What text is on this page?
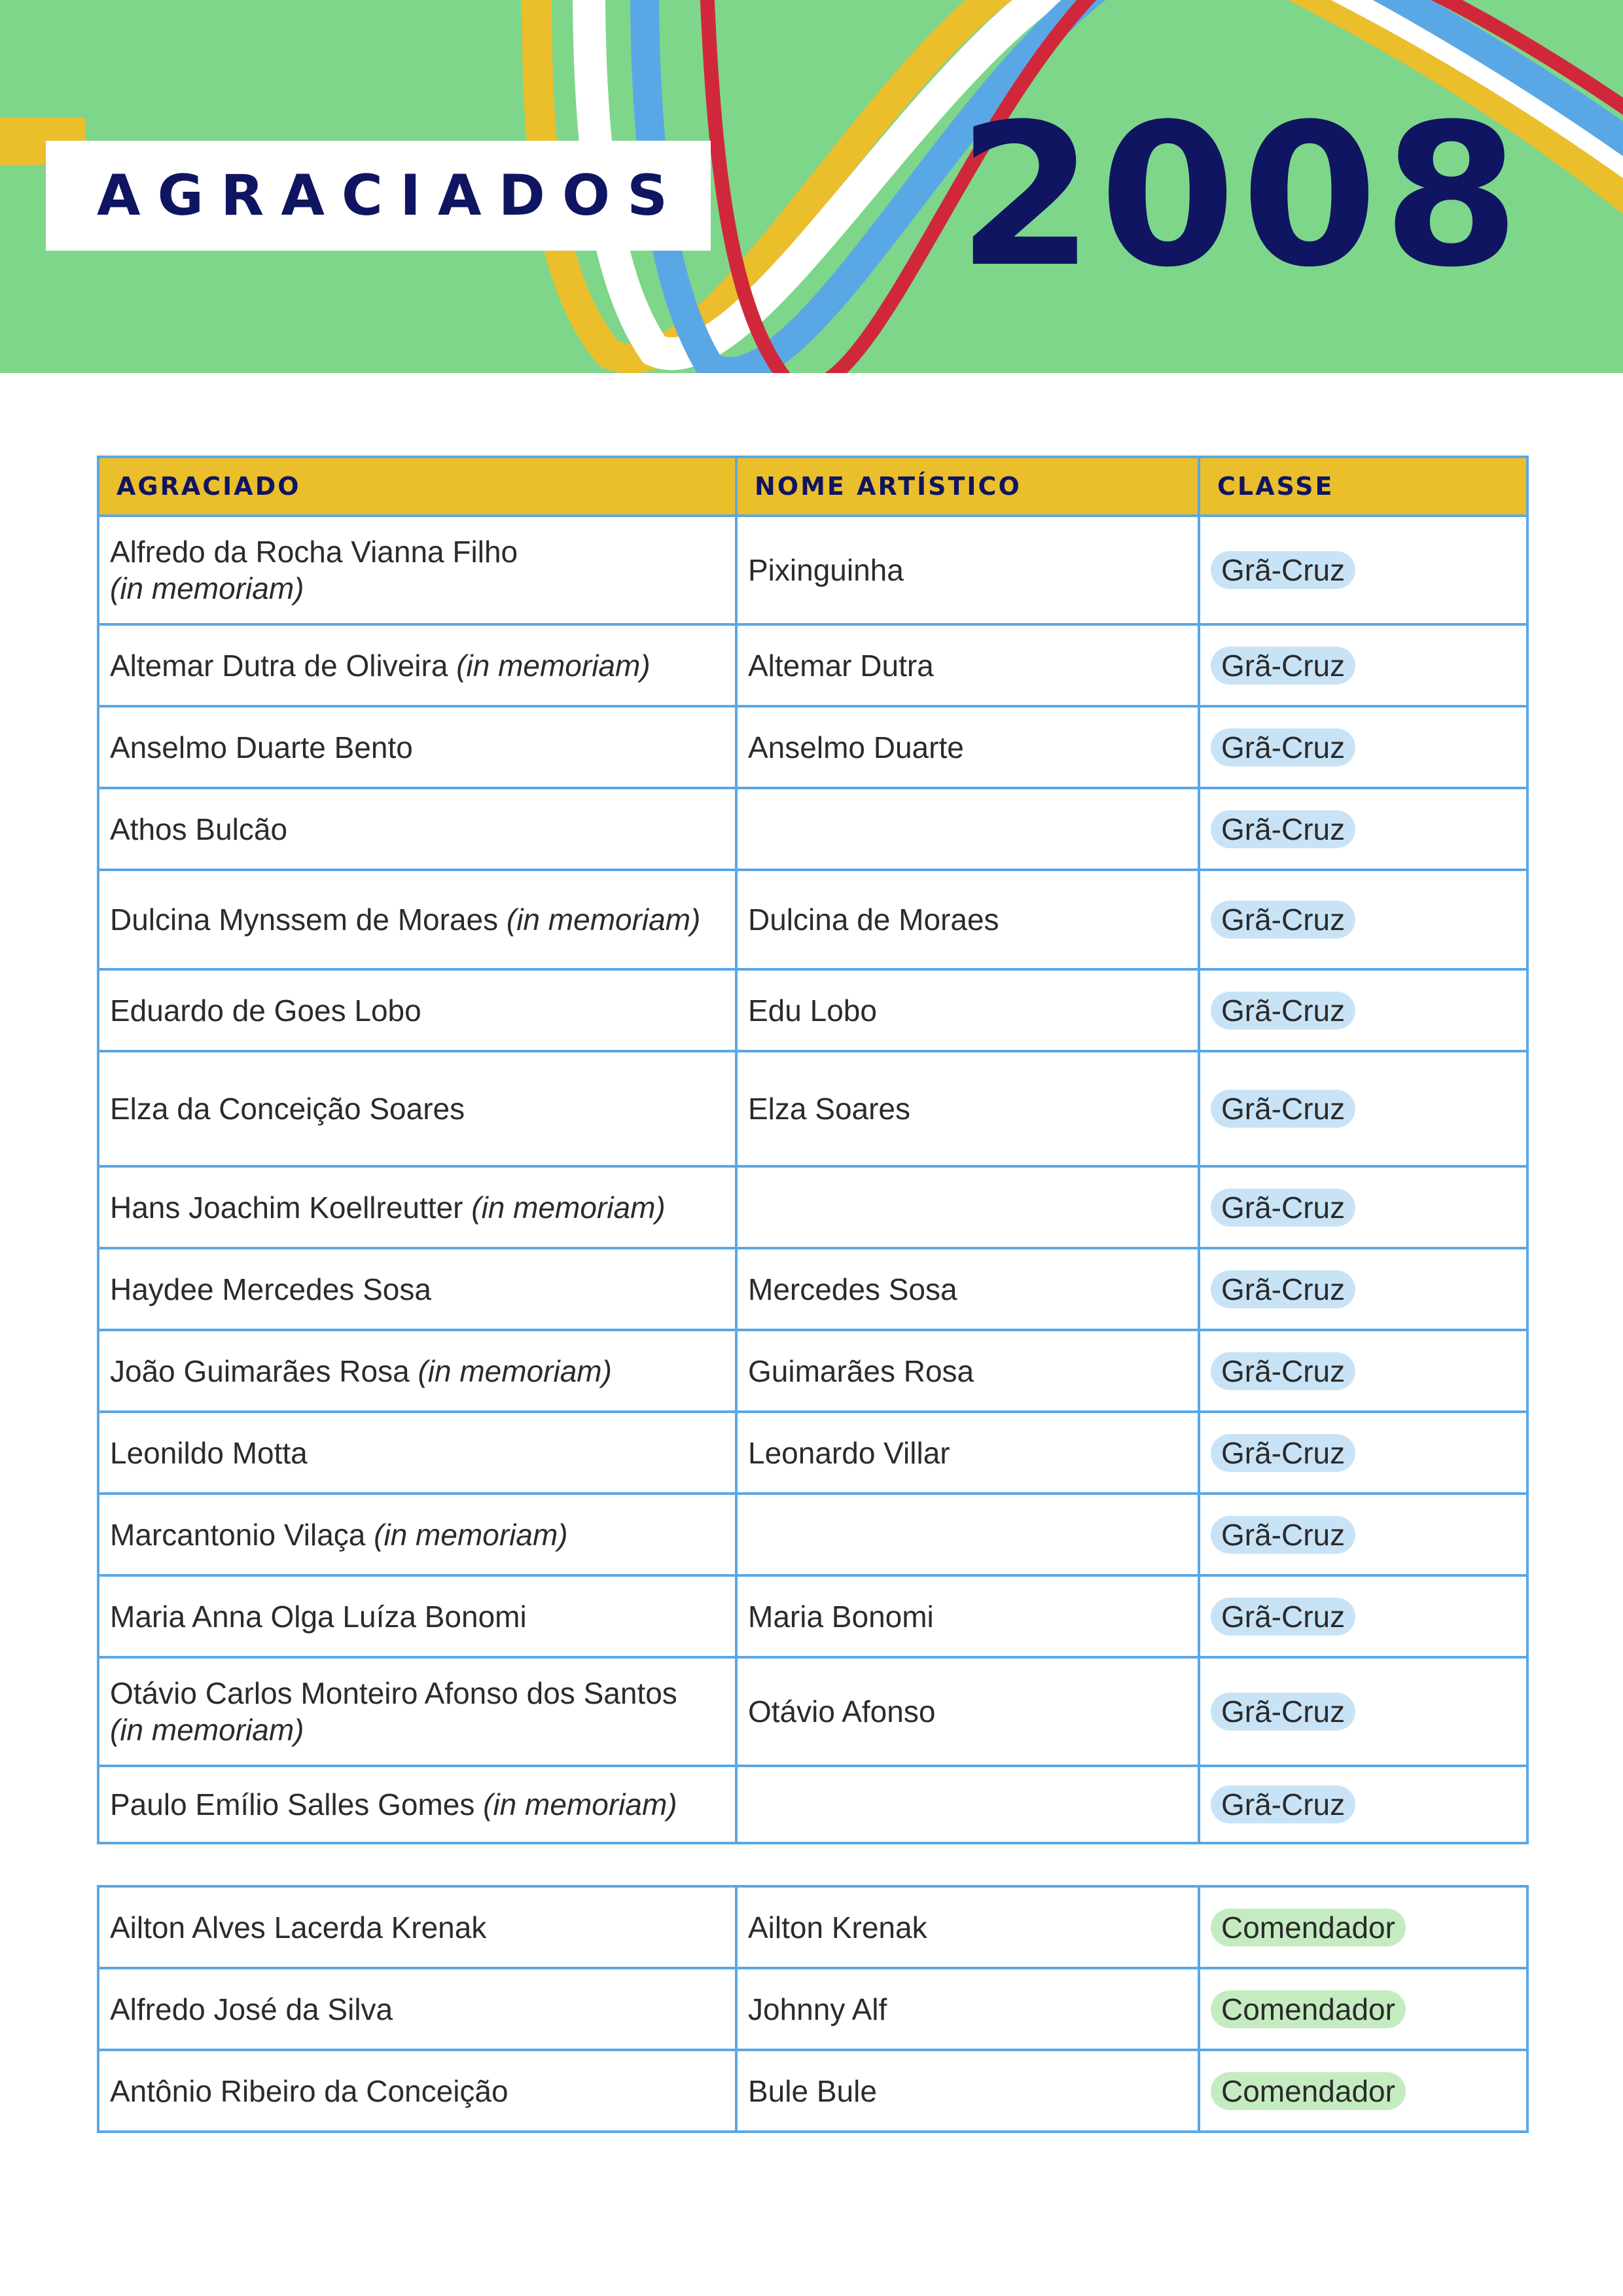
AGRACIADOS 2008
AGRACIADO	NOME ARTÍSTICO	CLASSE
Alfredo da Rocha Vianna Filho
(in memoriam)	Pixinguinha	Grã-Cruz
Altemar Dutra de Oliveira (in memoriam)	Altemar Dutra	Grã-Cruz
Anselmo Duarte Bento	Anselmo Duarte	Grã-Cruz
Athos Bulcão		Grã-Cruz
Dulcina Mynssem de Moraes (in memoriam)	Dulcina de Moraes	Grã-Cruz
Eduardo de Goes Lobo	Edu Lobo	Grã-Cruz
Elza da Conceição Soares	Elza Soares	Grã-Cruz
Hans Joachim Koellreutter (in memoriam)		Grã-Cruz
Haydee Mercedes Sosa	Mercedes Sosa	Grã-Cruz
João Guimarães Rosa (in memoriam)	Guimarães Rosa	Grã-Cruz
Leonildo Motta	Leonardo Villar	Grã-Cruz
Marcantonio Vilaça (in memoriam)		Grã-Cruz
Maria Anna Olga Luíza Bonomi	Maria Bonomi	Grã-Cruz
Otávio Carlos Monteiro Afonso dos Santos
(in memoriam)	Otávio Afonso	Grã-Cruz
Paulo Emílio Salles Gomes (in memoriam)		Grã-Cruz
Ailton Alves Lacerda Krenak	Ailton Krenak	Comendador
Alfredo José da Silva	Johnny Alf	Comendador
Antônio Ribeiro da Conceição	Bule Bule	Comendador
